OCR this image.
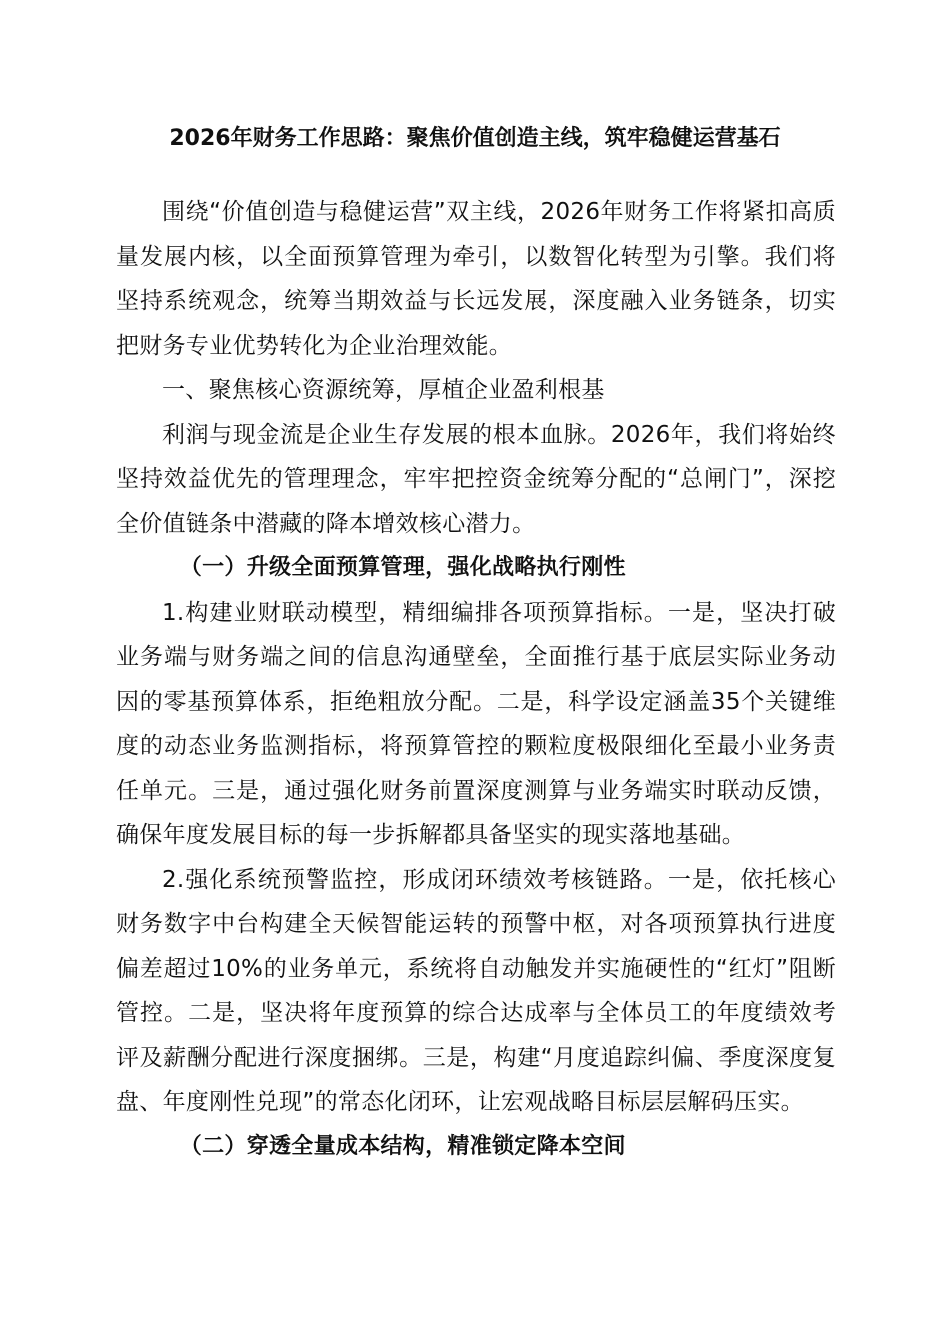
2026年财务工作思路：聚焦价值创造主线，筑牢稳健运营基石

围绕“价值创造与稳健运营”双主线，2026年财务工作将紧扣高质量发展内核，以全面预算管理为牵引，以数智化转型为引擎。我们将坚持系统观念，统筹当期效益与长远发展，深度融入业务链条，切实把财务专业优势转化为企业治理效能。

一、聚焦核心资源统筹，厚植企业盈利根基

利润与现金流是企业生存发展的根本血脉。2026年，我们将始终坚持效益优先的管理理念，牢牢把控资金统筹分配的“总闸门”，深挖全价值链条中潜藏的降本增效核心潜力。

（一）升级全面预算管理，强化战略执行刚性

1.构建业财联动模型，精细编排各项预算指标。一是，坚决打破业务端与财务端之间的信息沟通壁垒，全面推行基于底层实际业务动因的零基预算体系，拒绝粗放分配。二是，科学设定涵盖35个关键维度的动态业务监测指标，将预算管控的颗粒度极限细化至最小业务责任单元。三是，通过强化财务前置深度测算与业务端实时联动反馈，确保年度发展目标的每一步拆解都具备坚实的现实落地基础。

2.强化系统预警监控，形成闭环绩效考核链路。一是，依托核心财务数字中台构建全天候智能运转的预警中枢，对各项预算执行进度偏差超过10%的业务单元，系统将自动触发并实施硬性的“红灯”阻断管控。二是，坚决将年度预算的综合达成率与全体员工的年度绩效考评及薪酬分配进行深度捆绑。三是，构建“月度追踪纠偏、季度深度复盘、年度刚性兑现”的常态化闭环，让宏观战略目标层层解码压实。

（二）穿透全量成本结构，精准锁定降本空间
